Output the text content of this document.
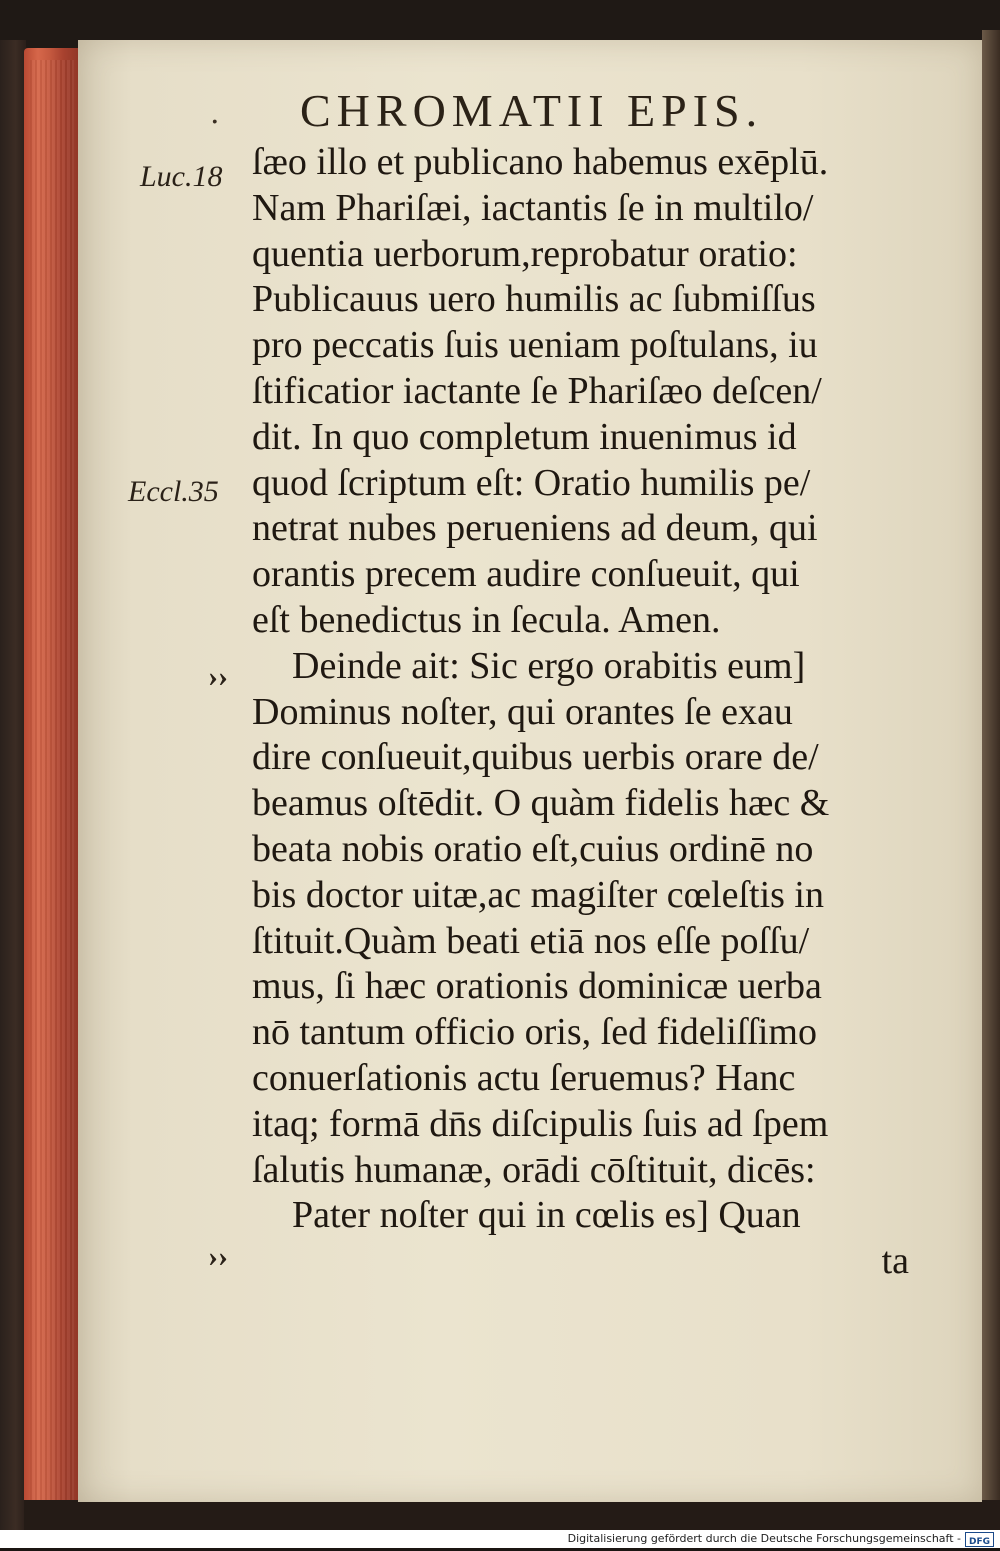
. CHROMATII EPIS.
Luc.18
Eccl.35
››
››
ſæo illo et publicano habemus exēplū.
Nam Phariſæi, iactantis ſe in multilo/
quentia uerborum,reprobatur oratio:
Publicauus uero humilis ac ſubmiſſus
pro peccatis ſuis ueniam poſtulans, iu
ſtificatior iactante ſe Phariſæo deſcen/
dit. In quo completum inuenimus id
quod ſcriptum eſt: Oratio humilis pe/
netrat nubes perueniens ad deum, qui
orantis precem audire conſueuit, qui
eſt benedictus in ſecula. Amen.
Deinde ait: Sic ergo orabitis eum]
Dominus noſter, qui orantes ſe exau
dire conſueuit,quibus uerbis orare de/
beamus oſtēdit. O quàm fidelis hæc &
beata nobis oratio eſt,cuius ordinē no
bis doctor uitæ,ac magiſter cœleſtis in
ſtituit.Quàm beati etiā nos eſſe poſſu/
mus, ſi hæc orationis dominicæ uerba
nō tantum officio oris, ſed fideliſſimo
conuerſationis actu ſeruemus? Hanc
itaq; formā dn̄s diſcipulis ſuis ad ſpem
ſalutis humanæ, orādi cōſtituit, dicēs:
Pater noſter qui in cœlis es] Quan
ta
Digitalisierung gefördert durch die Deutsche Forschungsgemeinschaft - DFG
